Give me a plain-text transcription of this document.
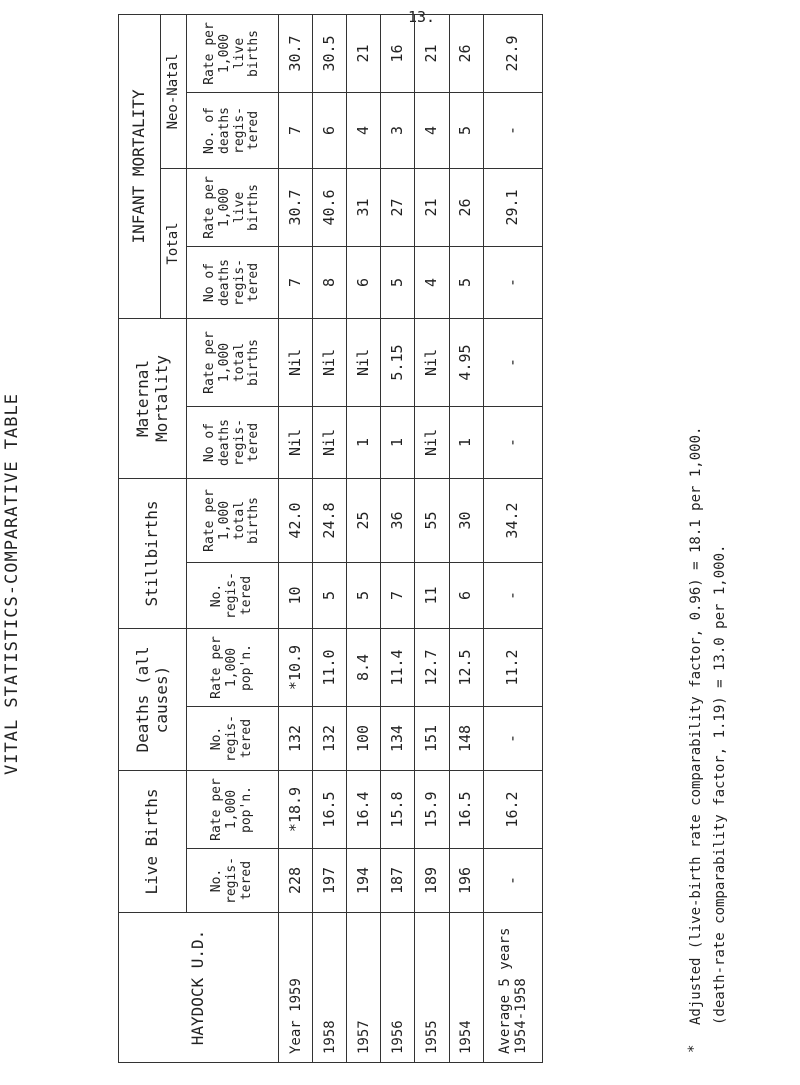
13.
VITAL STATISTICS-COMPARATIVE TABLE
HAYDOCK U.D.	Live Births		Deaths (all causes)		Stillbirths		Maternal Mortality		INFANT MORTALITY			
									Total		Neo-Natal	
	No. regis-tered	Rate per 1,000 pop'n.	No. regis-tered	Rate per 1,000 pop'n.	No. regis-tered	Rate per 1,000 total births	No of deaths regis-tered	Rate per 1,000 total births	No of deaths regis-tered	Rate per 1,000 live births	No. of deaths regis-tered	Rate per 1,000 live births
Year 1959	228	*18.9	132	*10.9	10	42.0	Nil	Nil	7	30.7	7	30.7
1958	197	16.5	132	11.0	5	24.8	Nil	Nil	8	40.6	6	30.5
1957	194	16.4	100	8.4	5	25	1	Nil	6	31	4	21
1956	187	15.8	134	11.4	7	36	1	5.15	5	27	3	16
1955	189	15.9	151	12.7	11	55	Nil	Nil	4	21	4	21
1954	196	16.5	148	12.5	6	30	1	4.95	5	26	5	26
Average 5 years 1954-1958	-	16.2	-	11.2	-	34.2	-	-	-	29.1	-	22.9
*
Adjusted (live-birth rate comparability factor, 0.96) = 18.1 per 1,000. (death-rate comparability factor, 1.19) = 13.0 per 1,000.
